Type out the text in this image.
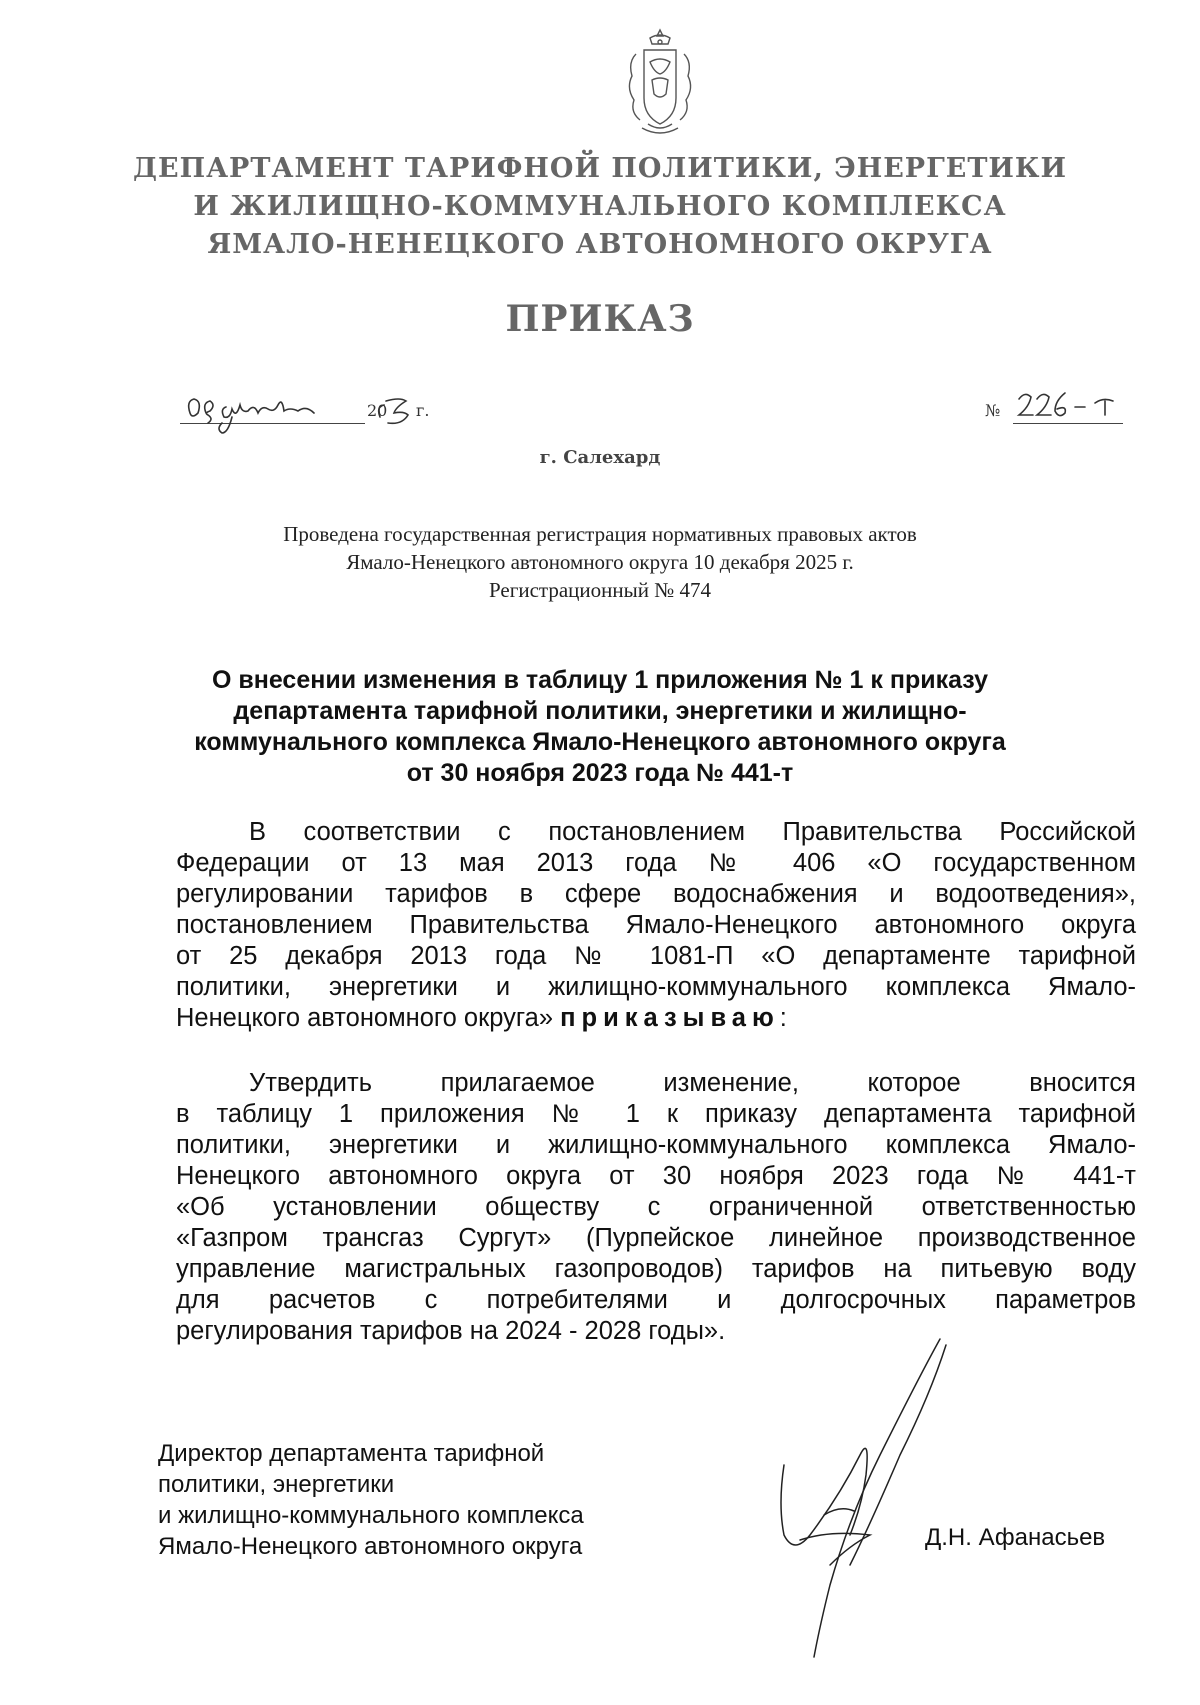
ДЕПАРТАМЕНТ ТАРИФНОЙ ПОЛИТИКИ, ЭНЕРГЕТИКИ
И ЖИЛИЩНО-КОММУНАЛЬНОГО КОМПЛЕКСА
ЯМАЛО-НЕНЕЦКОГО АВТОНОМНОГО ОКРУГА
ПРИКАЗ
20 г.	№
г. Салехард
Проведена государственная регистрация нормативных правовых актов
Ямало-Ненецкого автономного округа 10 декабря 2025 г.
Регистрационный № 474
О внесении изменения в таблицу 1 приложения № 1 к приказу
департамента тарифной политики, энергетики и жилищно-
коммунального комплекса Ямало-Ненецкого автономного округа
от 30 ноября 2023 года № 441-т
В соответствии с постановлением Правительства Российской
Федерации от 13 мая 2013 года № 406 «О государственном
регулировании тарифов в сфере водоснабжения и водоотведения»,
постановлением Правительства Ямало-Ненецкого автономного округа
от 25 декабря 2013 года № 1081-П «О департаменте тарифной
политики, энергетики и жилищно-коммунального комплекса Ямало-
Ненецкого автономного округа» приказываю:
Утвердить прилагаемое изменение, которое вносится
в таблицу 1 приложения № 1 к приказу департамента тарифной
политики, энергетики и жилищно-коммунального комплекса Ямало-
Ненецкого автономного округа от 30 ноября 2023 года № 441-т
«Об установлении обществу с ограниченной ответственностью
«Газпром трансгаз Сургут» (Пурпейское линейное производственное
управление магистральных газопроводов) тарифов на питьевую воду
для расчетов с потребителями и долгосрочных параметров
регулирования тарифов на 2024 - 2028 годы».
Директор департамента тарифной
политики, энергетики
и жилищно-коммунального комплекса
Ямало-Ненецкого автономного округа	Д.Н. Афанасьев
